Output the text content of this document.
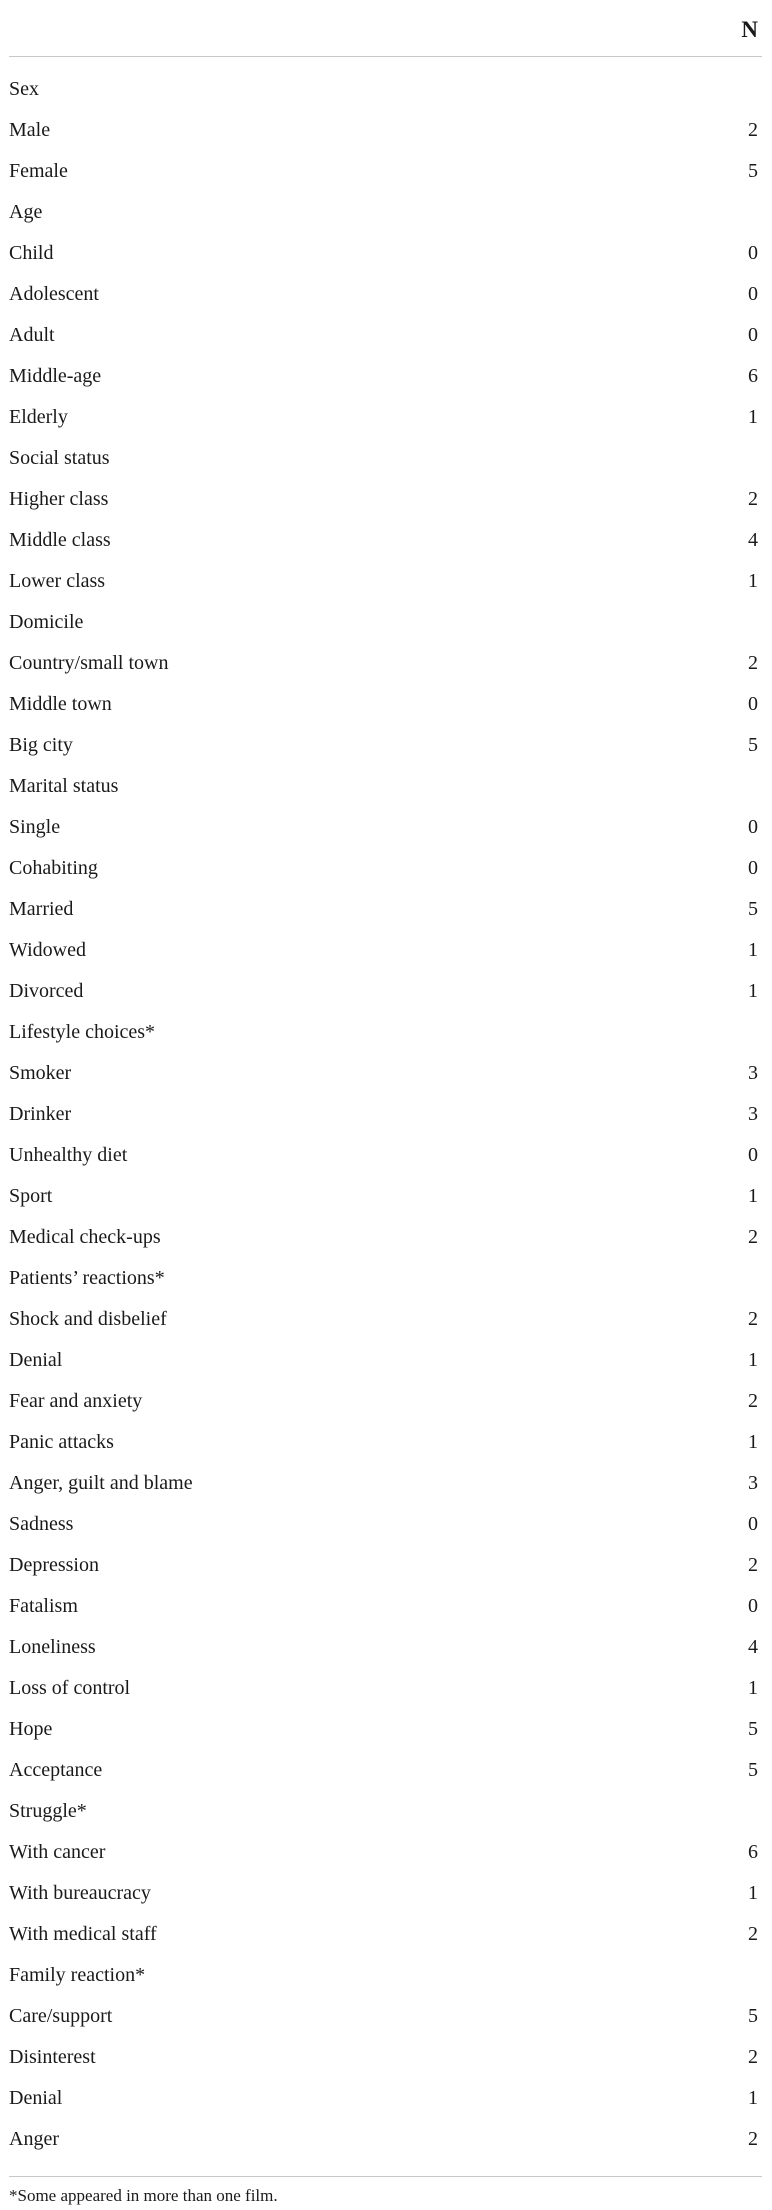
N
Sex
Male	2
Female	5
Age
Child	0
Adolescent	0
Adult	0
Middle-age	6
Elderly	1
Social status
Higher class	2
Middle class	4
Lower class	1
Domicile
Country/small town	2
Middle town	0
Big city	5
Marital status
Single	0
Cohabiting	0
Married	5
Widowed	1
Divorced	1
Lifestyle choices*
Smoker	3
Drinker	3
Unhealthy diet	0
Sport	1
Medical check-ups	2
Patients’ reactions*
Shock and disbelief	2
Denial	1
Fear and anxiety	2
Panic attacks	1
Anger, guilt and blame	3
Sadness	0
Depression	2
Fatalism	0
Loneliness	4
Loss of control	1
Hope	5
Acceptance	5
Struggle*
With cancer	6
With bureaucracy	1
With medical staff	2
Family reaction*
Care/support	5
Disinterest	2
Denial	1
Anger	2
*Some appeared in more than one film.
